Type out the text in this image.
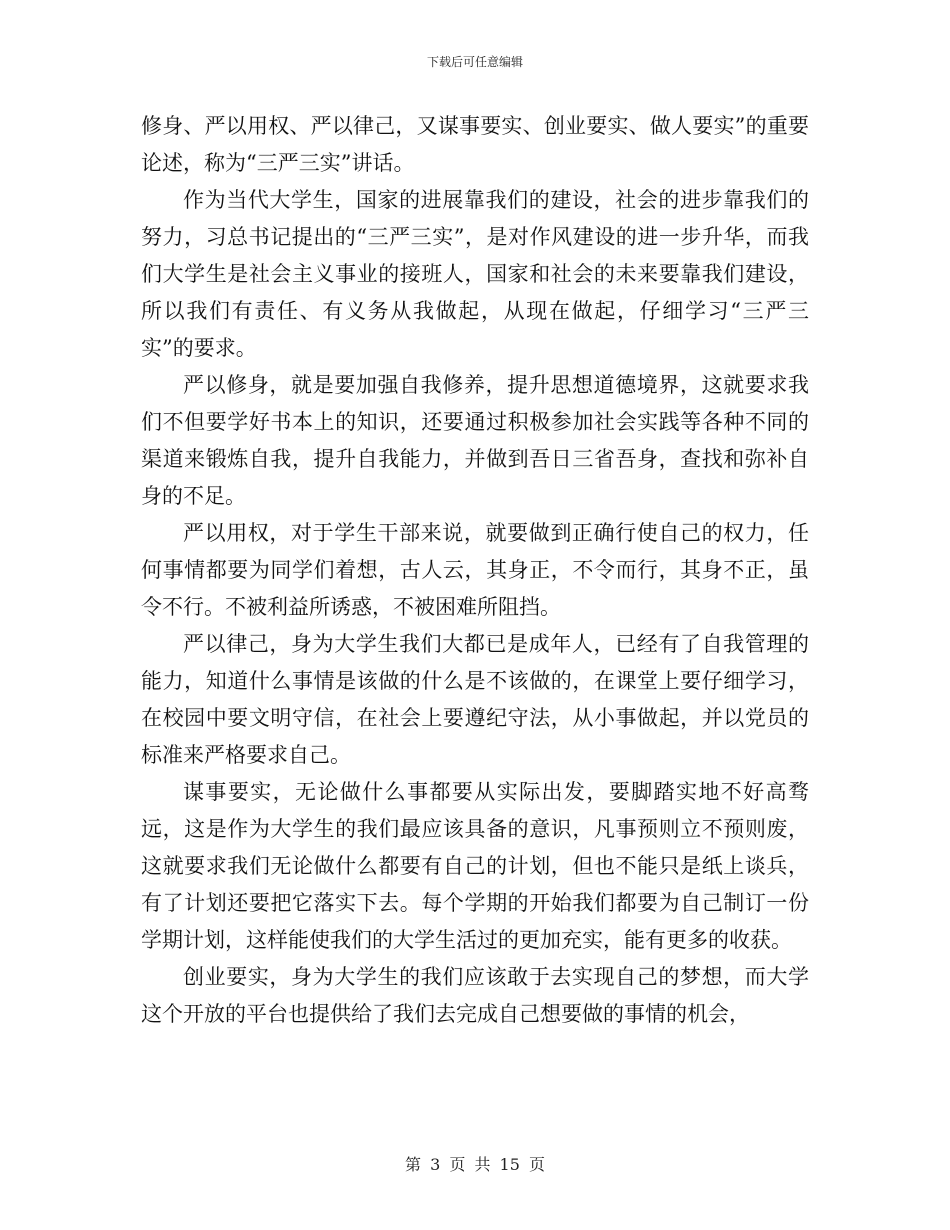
下载后可任意编辑

修身、严以用权、严以律己，又谋事要实、创业要实、做人要实”的重要论述，称为“三严三实”讲话。

作为当代大学生，国家的进展靠我们的建设，社会的进步靠我们的努力，习总书记提出的“三严三实”，是对作风建设的进一步升华，而我们大学生是社会主义事业的接班人，国家和社会的未来要靠我们建设，所以我们有责任、有义务从我做起，从现在做起，仔细学习“三严三实”的要求。

严以修身，就是要加强自我修养，提升思想道德境界，这就要求我们不但要学好书本上的知识，还要通过积极参加社会实践等各种不同的渠道来锻炼自我，提升自我能力，并做到吾日三省吾身，查找和弥补自身的不足。

严以用权，对于学生干部来说，就要做到正确行使自己的权力，任何事情都要为同学们着想，古人云，其身正，不令而行，其身不正，虽令不行。不被利益所诱惑，不被困难所阻挡。

严以律己，身为大学生我们大都已是成年人，已经有了自我管理的能力，知道什么事情是该做的什么是不该做的，在课堂上要仔细学习，在校园中要文明守信，在社会上要遵纪守法，从小事做起，并以党员的标准来严格要求自己。

谋事要实，无论做什么事都要从实际出发，要脚踏实地不好高骛远，这是作为大学生的我们最应该具备的意识，凡事预则立不预则废，这就要求我们无论做什么都要有自己的计划，但也不能只是纸上谈兵，有了计划还要把它落实下去。每个学期的开始我们都要为自己制订一份学期计划，这样能使我们的大学生活过的更加充实，能有更多的收获。

创业要实，身为大学生的我们应该敢于去实现自己的梦想，而大学这个开放的平台也提供给了我们去完成自己想要做的事情的机会，

第 3 页 共 15 页
